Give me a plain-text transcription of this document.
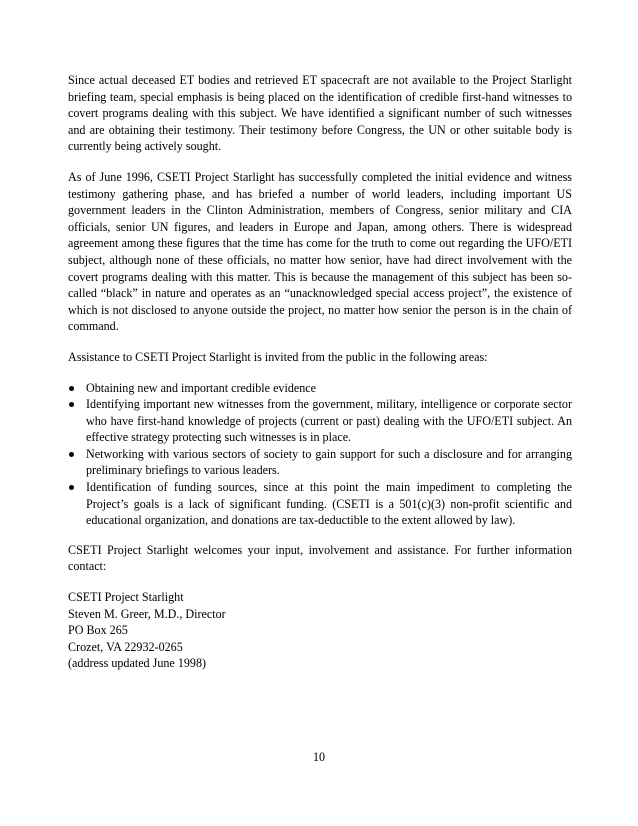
Since actual deceased ET bodies and retrieved ET spacecraft are not available to the Project Starlight briefing team, special emphasis is being placed on the identification of credible first-hand witnesses to covert programs dealing with this subject. We have identified a significant number of such witnesses and are obtaining their testimony. Their testimony before Congress, the UN or other suitable body is currently being actively sought.

As of June 1996, CSETI Project Starlight has successfully completed the initial evidence and witness testimony gathering phase, and has briefed a number of world leaders, including important US government leaders in the Clinton Administration, members of Congress, senior military and CIA officials, senior UN figures, and leaders in Europe and Japan, among others. There is widespread agreement among these figures that the time has come for the truth to come out regarding the UFO/ETI subject, although none of these officials, no matter how senior, have had direct involvement with the covert programs dealing with this matter. This is because the management of this subject has been so-called “black” in nature and operates as an “unacknowledged special access project”, the existence of which is not disclosed to anyone outside the project, no matter how senior the person is in the chain of command.

Assistance to CSETI Project Starlight is invited from the public in the following areas:

Obtaining new and important credible evidence
Identifying important new witnesses from the government, military, intelligence or corporate sector who have first-hand knowledge of projects (current or past) dealing with the UFO/ETI subject. An effective strategy protecting such witnesses is in place.
Networking with various sectors of society to gain support for such a disclosure and for arranging preliminary briefings to various leaders.
Identification of funding sources, since at this point the main impediment to completing the Project’s goals is a lack of significant funding. (CSETI is a 501(c)(3) non-profit scientific and educational organization, and donations are tax-deductible to the extent allowed by law).

CSETI Project Starlight welcomes your input, involvement and assistance. For further information contact:

CSETI Project Starlight
Steven M. Greer, M.D., Director
PO Box 265
Crozet, VA 22932-0265
(address updated June 1998)
10
